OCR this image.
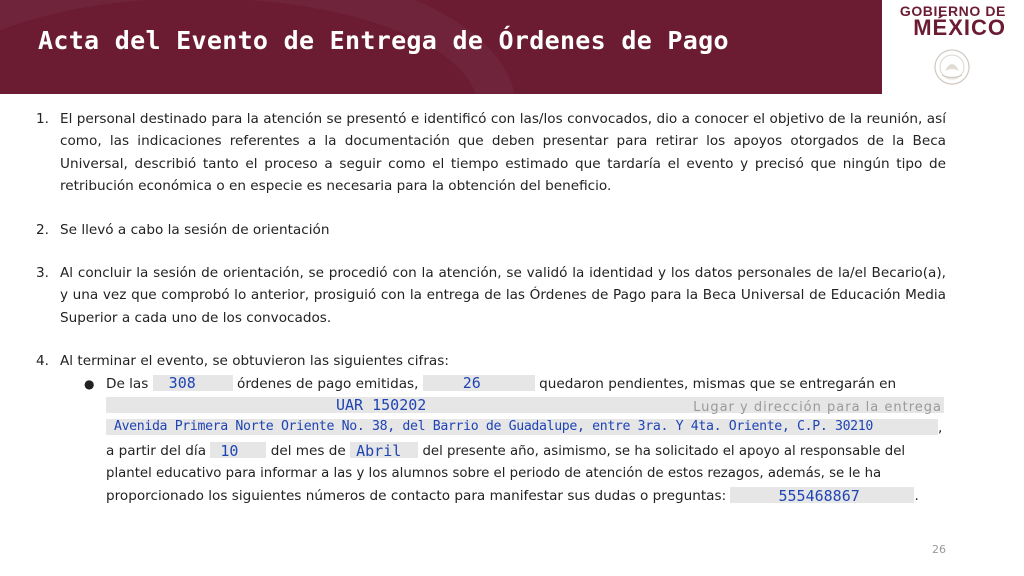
Acta del Evento de Entrega de Órdenes de Pago
GOBIERNO DE
MÉXICO
1. El personal destinado para la atención se presentó e identificó con las/los convocados, dio a conocer el objetivo de la reunión, así como, las indicaciones referentes a la documentación que deben presentar para retirar los apoyos otorgados de la Beca Universal, describió tanto el proceso a seguir como el tiempo estimado que tardaría el evento y precisó que ningún tipo de retribución económica o en especie es necesaria para la obtención del beneficio.

2. Se llevó a cabo la sesión de orientación

3. Al concluir la sesión de orientación, se procedió con la atención, se validó la identidad y los datos personales de la/el Becario(a), y una vez que comprobó lo anterior, prosiguió con la entrega de las Órdenes de Pago para la Beca Universal de Educación Media Superior a cada uno de los convocados.

4. Al terminar el evento, se obtuvieron las siguientes cifras:

● De las 308	órdenes de pago emitidas,	26	quedaron pendientes, mismas que se entregarán en
UAR 150202	Lugar y dirección para la entrega
Avenida Primera Norte Oriente No. 38, del Barrio de Guadalupe, entre 3ra. Y 4ta. Oriente, C.P. 30210	,
a partir del día 10 del mes de Abril del presente año, asimismo, se ha solicitado el apoyo al responsable del
plantel educativo para informar a las y los alumnos sobre el periodo de atención de estos rezagos, además, se le ha
proporcionado los siguientes números de contacto para manifestar sus dudas o preguntas:	555468867	.
26
